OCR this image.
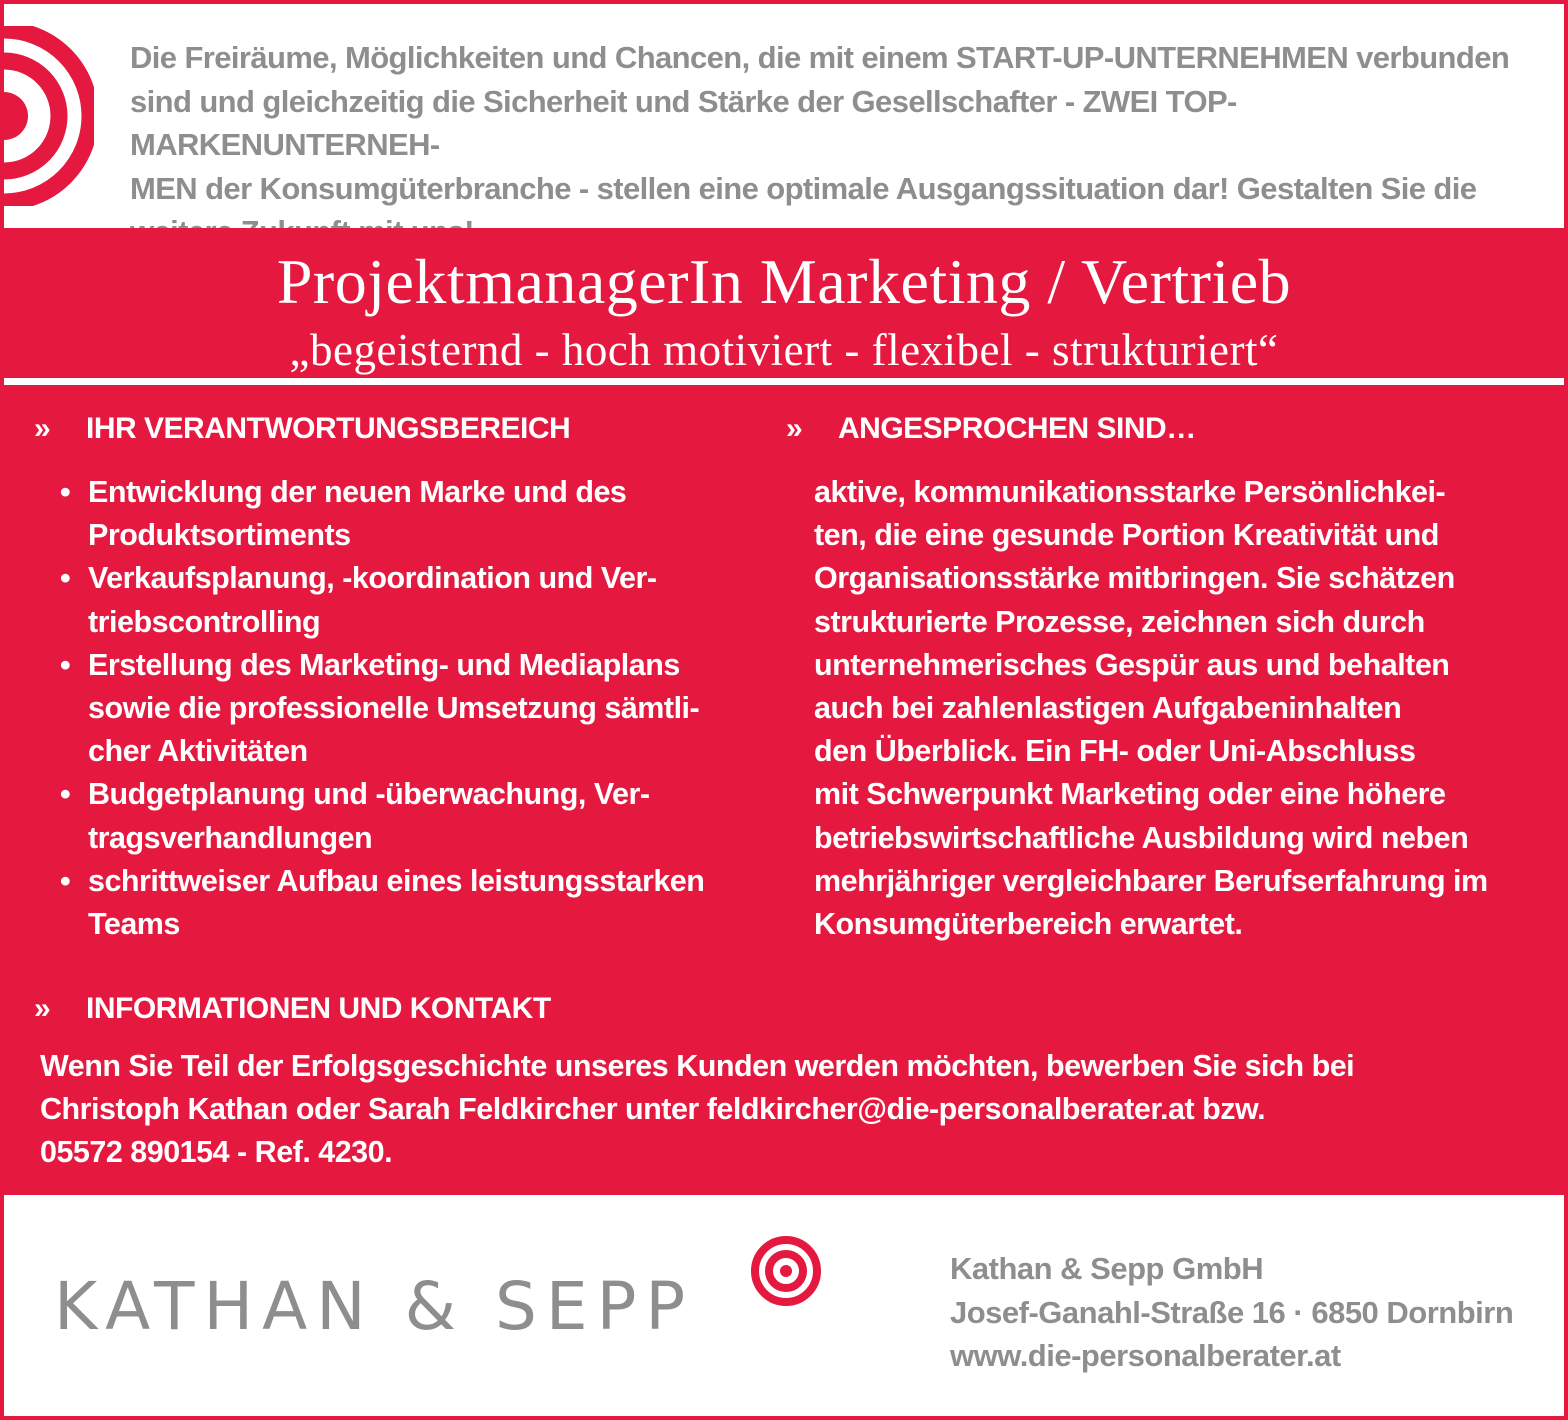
Die Freiräume, Möglichkeiten und Chancen, die mit einem START-UP-UNTERNEHMEN verbunden
sind und gleichzeitig die Sicherheit und Stärke der Gesellschafter - ZWEI TOP-MARKENUNTERNEH-
MEN der Konsumgüterbranche - stellen eine optimale Ausgangssituation dar! Gestalten Sie die
ProjektmanagerIn Marketing / Vertrieb
„begeisternd - hoch motiviert - flexibel - strukturiert“
»	IHR VERANTWORTUNGSBEREICH
• Entwicklung der neuen Marke und des
Produktsortiments
• Verkaufsplanung, -koordination und Ver-
triebscontrolling
• Erstellung des Marketing- und Mediaplans
sowie die professionelle Umsetzung sämtli-
cher Aktivitäten
• Budgetplanung und -überwachung, Ver-
tragsverhandlungen
• schrittweiser Aufbau eines leistungsstarken
Teams
»	ANGESPROCHEN SIND…
aktive, kommunikationsstarke Persönlichkei-
ten, die eine gesunde Portion Kreativität und
Organisationsstärke mitbringen. Sie schätzen
strukturierte Prozesse, zeichnen sich durch
unternehmerisches Gespür aus und behalten
auch bei zahlenlastigen Aufgabeninhalten
den Überblick. Ein FH- oder Uni-Abschluss
mit Schwerpunkt Marketing oder eine höhere
betriebswirtschaftliche Ausbildung wird neben
mehrjähriger vergleichbarer Berufserfahrung im
Konsumgüterbereich erwartet.
»	INFORMATIONEN UND KONTAKT
Wenn Sie Teil der Erfolgsgeschichte unseres Kunden werden möchten, bewerben Sie sich bei
Christoph Kathan oder Sarah Feldkircher unter feldkircher@die-personalberater.at bzw.
05572 890154 - Ref. 4230.
KATHAN & SEPP	Kathan & Sepp GmbH
Josef-Ganahl-Straße 16 · 6850 Dornbirn
www.die-personalberater.at
